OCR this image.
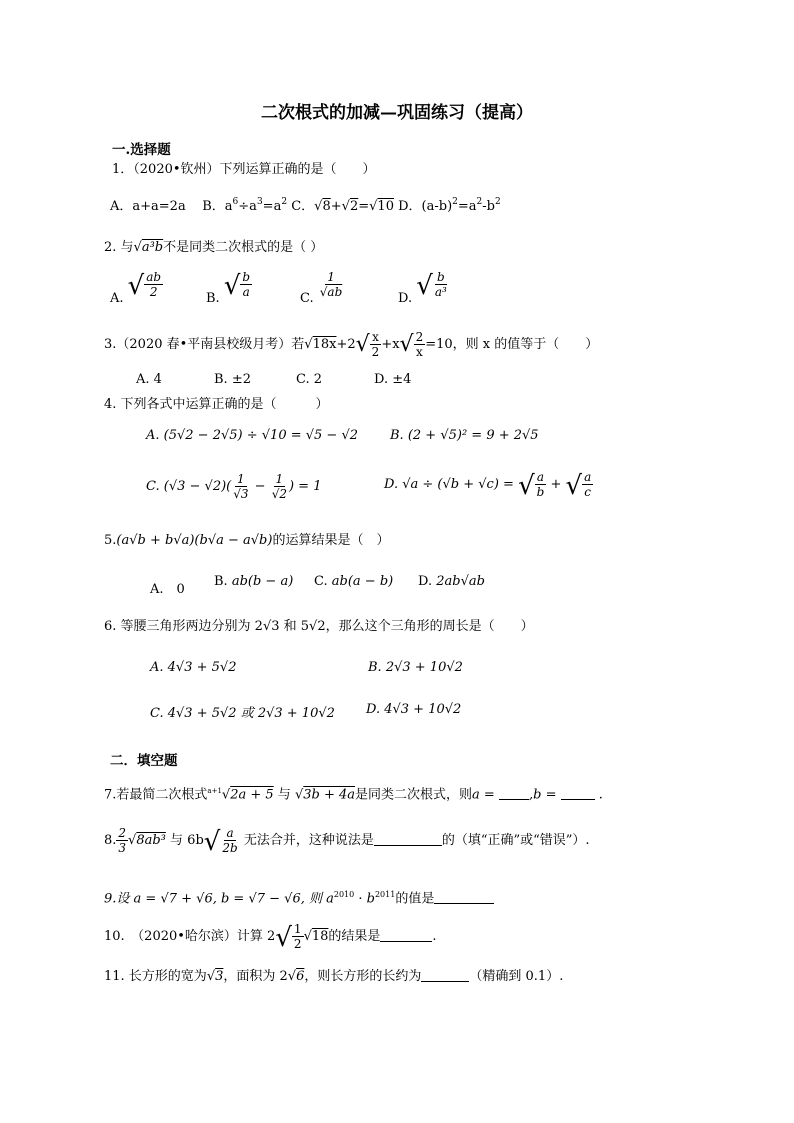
二次根式的加减—巩固练习（提高）
一.选择题
1．（2020•钦州）下列运算正确的是（　　）
A．a+a=2a B．$a^6\div a^3=a^2$ C．√8+√2=√10 D．$(a-b)^2=a^2-b^2$
2. 与√a³b不是同类二次根式的是（ ）
A. √ $\frac{ab}{2}$	B. √ $\frac{b}{a}$	C. $\frac{1}{√ab}$	D. √ $\frac{b}{\text{a³}}$
3.（2020 春•平南县校级月考）若$√18x+2√ \frac{x}{2} +x√ \frac{2}{x} =10$，则 x 的值等于（　　）
A. 4	B. ±2	C. 2	D. ±4
4. 下列各式中运算正确的是（　　　）
A. (5√2 − 2√5) ÷ √10 = √5 − √2 B. (2 + √5)² = 9 + 2√5
C. $(√3 - √2)( \frac{1}{√3} - \frac{1}{√2}$ ) = 1	D. √a ÷ (√b + √c) = √ $\frac{a}{b}$ + √ $\frac{a}{c}$
5.(a√b + b√a)(b√a − a√b)的运算结果是（　）
A.　0
B. ab(b − a) C. ab(a − b) D. 2ab√ab
6. 等腰三角形两边分别为 2√3 和 5√2，那么这个三角形的周长是（　　）
A. 4√3 + 5√2	B. 2√3 + 10√2
C. 4√3 + 5√2 或 2√3 + 10√2 D. 4√3 + 10√2
二．填空题
7.若最简二次根式$^{a+1}$√2a + 5 与 √3b + 4a是同类二次根式，则a =	,b =	.
8. $\frac{2}{3} √8ab^3$ 与 $6b√ \frac{a}{2b}$ 无法合并，这种说法是	的（填“正确”或“错误”）.
9.设 a = √7 + √6, b = √7 − √6, 则 $a^{2010} \cdot b^{2011}$的值是
10.　（2020•哈尔滨）计算 $2√ \frac{1}{2} √18$的结果是	.
11. 长方形的宽为√3，面积为 2√6，则长方形的长约为	（精确到 0.1）.
